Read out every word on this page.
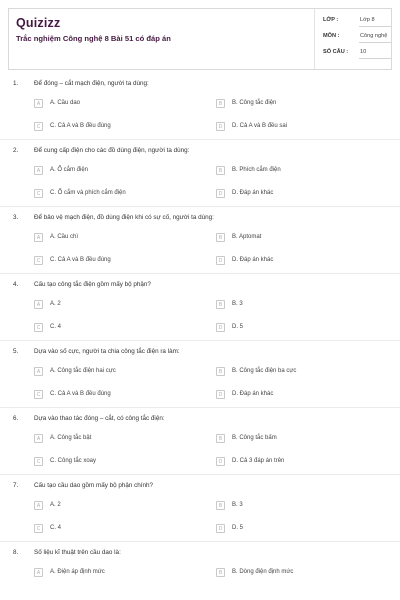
Quizizz
Trắc nghiệm Công nghệ 8 Bài 51 có đáp án
LỚP :	Lớp 8
MÔN :	Công nghệ
SỐ CÂU : 10
1. Để đóng – cắt mạch điện, người ta dùng:
A	A. Cầu dao	B	B. Công tắc điện
C	C. Cả A và B đều đúng	D	D. Cả A và B đều sai
2. Để cung cấp điện cho các đồ dùng điện, người ta dùng:
A	A. Ổ cắm điện	B	B. Phích cắm điện
C	C. Ổ cắm và phích cắm điện	D	D. Đáp án khác
3. Để bảo vệ mạch điện, đồ dùng điện khi có sự cố, người ta dùng:
A	A. Cầu chì	B	B. Aptomat
C	C. Cả A và B đều đúng	D	D. Đáp án khác
4. Cấu tạo công tắc điện gồm mấy bộ phận?
A	A. 2	B	B. 3
C	C. 4	D	D. 5
5. Dựa vào số cực, người ta chia công tắc điện ra làm:
A	A. Công tắc điện hai cực	B	B. Công tắc điện ba cực
C	C. Cả A và B đều đúng	D	D. Đáp án khác
6. Dựa vào thao tác đóng – cắt, có công tắc điện:
A	A. Công tắc bật	B	B. Công tắc bấm
C	C. Công tắc xoay	D	D. Cả 3 đáp án trên
7. Cấu tạo cầu dao gồm mấy bộ phận chính?
A	A. 2	B	B. 3
C	C. 4	D	D. 5
8. Số liệu kĩ thuật trên cầu dao là:
A	A. Điện áp định mức	B	B. Dòng điện định mức
